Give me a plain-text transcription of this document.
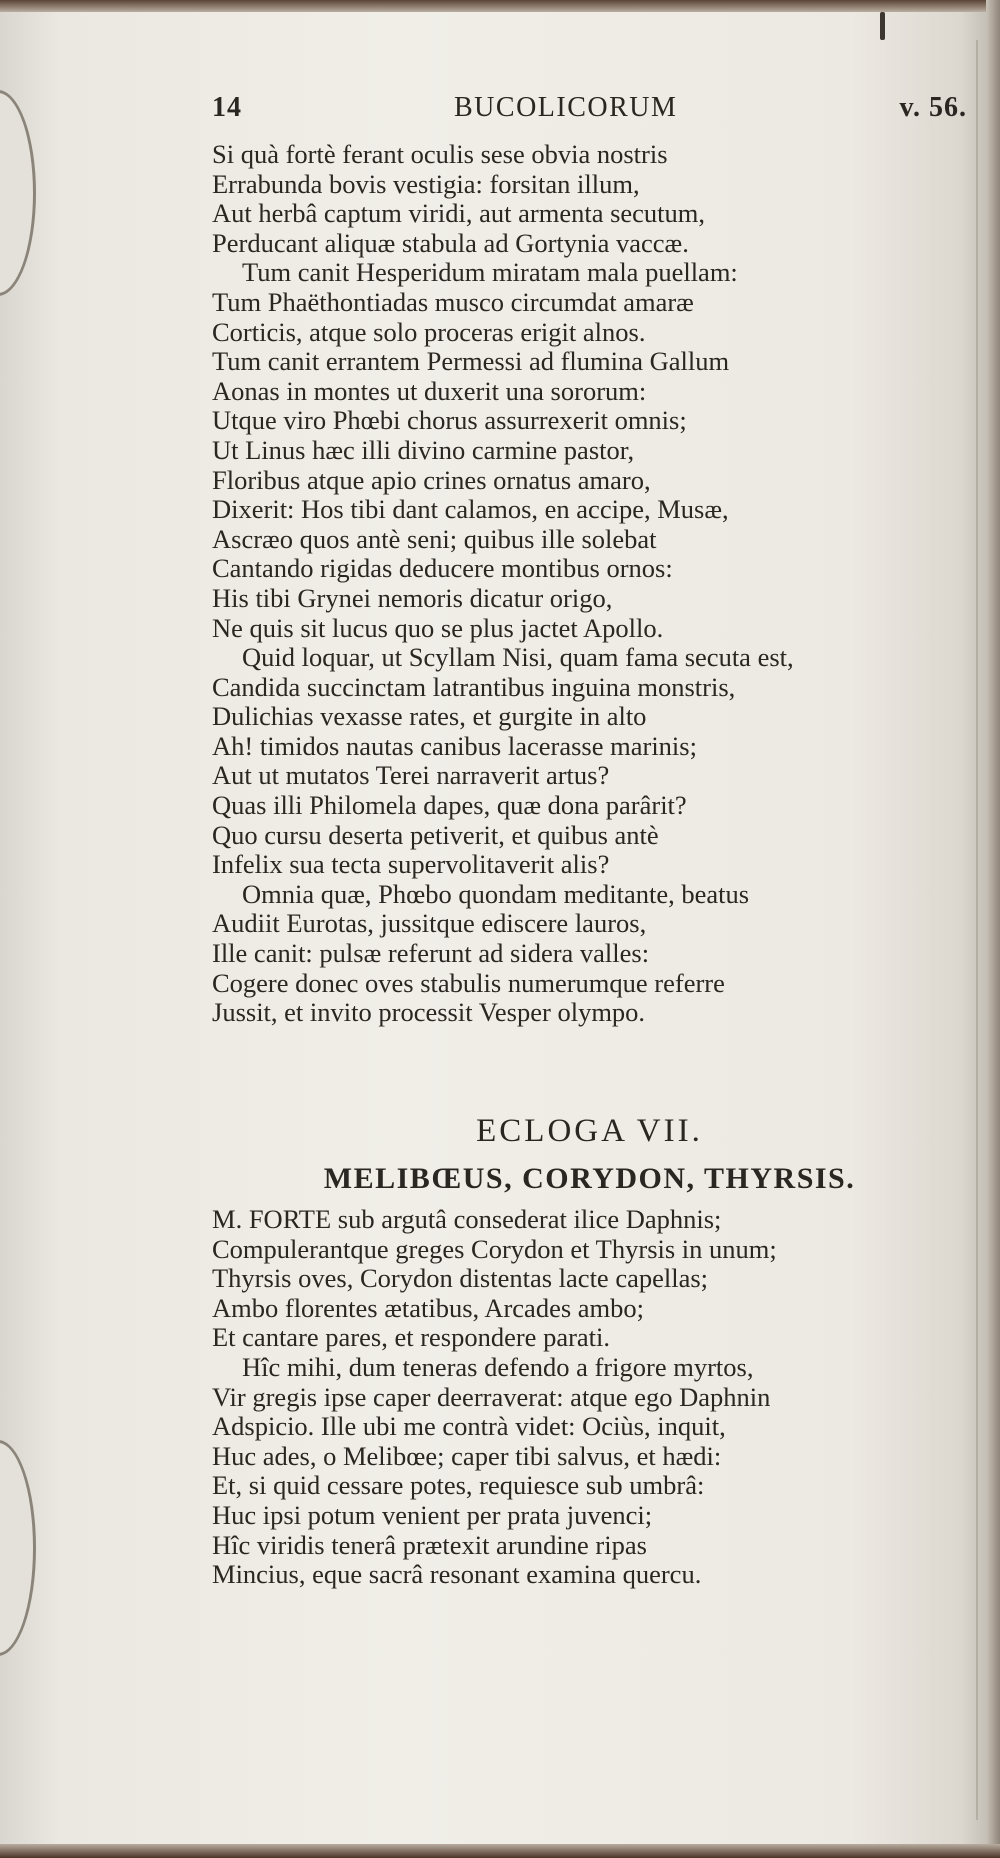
14	BUCOLICORUM	v. 56.
Si quà fortè ferant oculis sese obvia nostris
Errabunda bovis vestigia: forsitan illum,
Aut herbâ captum viridi, aut armenta secutum,
Perducant aliquæ stabula ad Gortynia vaccæ.
Tum canit Hesperidum miratam mala puellam:
Tum Phaëthontiadas musco circumdat amaræ
Corticis, atque solo proceras erigit alnos.
Tum canit errantem Permessi ad flumina Gallum
Aonas in montes ut duxerit una sororum:
Utque viro Phœbi chorus assurrexerit omnis;
Ut Linus hæc illi divino carmine pastor,
Floribus atque apio crines ornatus amaro,
Dixerit: Hos tibi dant calamos, en accipe, Musæ,
Ascræo quos antè seni; quibus ille solebat
Cantando rigidas deducere montibus ornos:
His tibi Grynei nemoris dicatur origo,
Ne quis sit lucus quo se plus jactet Apollo.
Quid loquar, ut Scyllam Nisi, quam fama secuta est,
Candida succinctam latrantibus inguina monstris,
Dulichias vexasse rates, et gurgite in alto
Ah! timidos nautas canibus lacerasse marinis;
Aut ut mutatos Terei narraverit artus?
Quas illi Philomela dapes, quæ dona parârit?
Quo cursu deserta petiverit, et quibus antè
Infelix sua tecta supervolitaverit alis?
Omnia quæ, Phœbo quondam meditante, beatus
Audiit Eurotas, jussitque ediscere lauros,
Ille canit: pulsæ referunt ad sidera valles:
Cogere donec oves stabulis numerumque referre
Jussit, et invito processit Vesper olympo.
ECLOGA VII.
MELIBŒUS, CORYDON, THYRSIS.
M. FORTE sub argutâ consederat ilice Daphnis;
Compulerantque greges Corydon et Thyrsis in unum;
Thyrsis oves, Corydon distentas lacte capellas;
Ambo florentes ætatibus, Arcades ambo;
Et cantare pares, et respondere parati.
Hîc mihi, dum teneras defendo a frigore myrtos,
Vir gregis ipse caper deerraverat: atque ego Daphnin
Adspicio. Ille ubi me contrà videt: Ociùs, inquit,
Huc ades, o Melibœe; caper tibi salvus, et hædi:
Et, si quid cessare potes, requiesce sub umbrâ:
Huc ipsi potum venient per prata juvenci;
Hîc viridis tenerâ prætexit arundine ripas
Mincius, eque sacrâ resonant examina quercu.
